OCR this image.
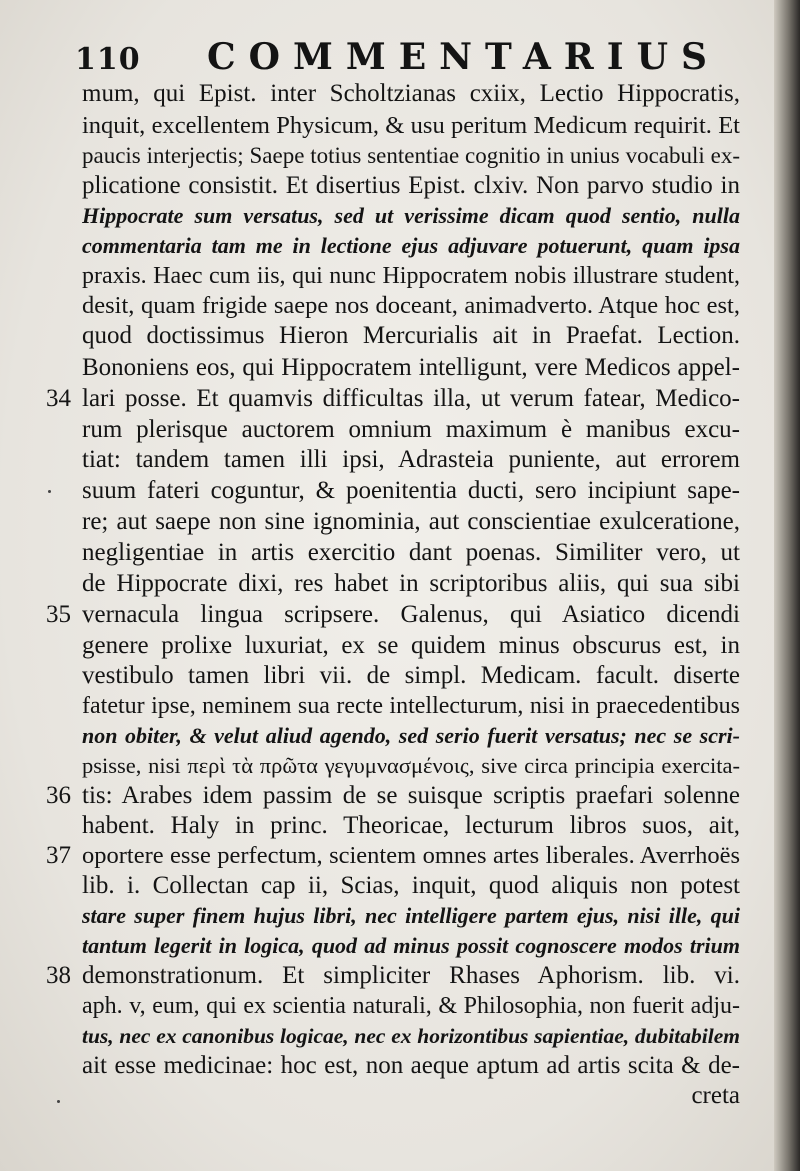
110 COMMENTARIUS
mum, qui Epist. inter Scholtzianas cxiix, Lectio Hippocratis,
inquit, excellentem Physicum, & usu peritum Medicum requirit. Et
paucis interjectis; Saepe totius sententiae cognitio in unius vocabuli ex-
plicatione consistit. Et disertius Epist. clxiv. Non parvo studio in
Hippocrate sum versatus, sed ut verissime dicam quod sentio, nulla
commentaria tam me in lectione ejus adjuvare potuerunt, quam ipsa
praxis. Haec cum iis, qui nunc Hippocratem nobis illustrare student,
desit, quam frigide saepe nos doceant, animadverto. Atque hoc est,
quod doctissimus Hieron Mercurialis ait in Praefat. Lection.
Bononiens eos, qui Hippocratem intelligunt, vere Medicos appel-
lari posse. Et quamvis difficultas illa, ut verum fatear, Medico-
rum plerisque auctorem omnium maximum è manibus excu-
tiat: tandem tamen illi ipsi, Adrasteia puniente, aut errorem
suum fateri coguntur, & poenitentia ducti, sero incipiunt sape-
re; aut saepe non sine ignominia, aut conscientiae exulceratione,
negligentiae in artis exercitio dant poenas. Similiter vero, ut
de Hippocrate dixi, res habet in scriptoribus aliis, qui sua sibi
vernacula lingua scripsere. Galenus, qui Asiatico dicendi
genere prolixe luxuriat, ex se quidem minus obscurus est, in
vestibulo tamen libri vii. de simpl. Medicam. facult. diserte
fatetur ipse, neminem sua recte intellecturum, nisi in praecedentibus
non obiter, & velut aliud agendo, sed serio fuerit versatus; nec se scri-
psisse, nisi περὶ τὰ πρῶτα γεγυμνασμένοις, sive circa principia exercita-
tis: Arabes idem passim de se suisque scriptis praefari solenne
habent. Haly in princ. Theoricae, lecturum libros suos, ait,
oportere esse perfectum, scientem omnes artes liberales. Averrhoës
lib. i. Collectan cap ii, Scias, inquit, quod aliquis non potest
stare super finem hujus libri, nec intelligere partem ejus, nisi ille, qui
tantum legerit in logica, quod ad minus possit cognoscere modos trium
demonstrationum. Et simpliciter Rhases Aphorism. lib. vi.
aph. v, eum, qui ex scientia naturali, & Philosophia, non fuerit adju-
tus, nec ex canonibus logicae, nec ex horizontibus sapientiae, dubitabilem
ait esse medicinae: hoc est, non aeque aptum ad artis scita & de-
creta
34
35
36
37
38
